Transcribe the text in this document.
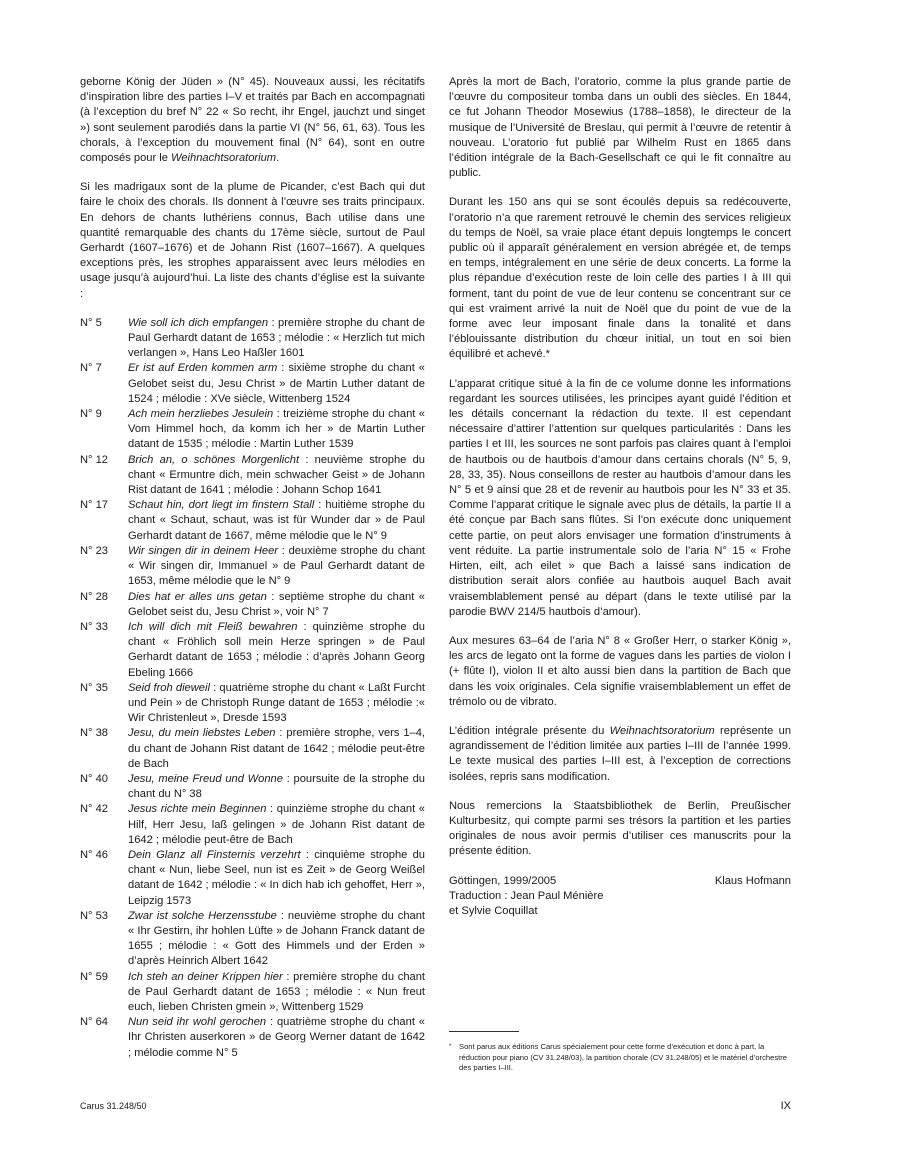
geborne König der Jüden » (N° 45). Nouveaux aussi, les récitatifs d’inspiration libre des parties I–V et traités par Bach en accompagnati (à l’exception du bref N° 22 « So recht, ihr Engel, jauchzt und singet ») sont seulement parodiés dans la partie VI (N° 56, 61, 63). Tous les chorals, à l’exception du mouvement final (N° 64), sont en outre composés pour le Weihnachtsoratorium.

Si les madrigaux sont de la plume de Picander, c’est Bach qui dut faire le choix des chorals. Ils donnent à l’œuvre ses traits principaux. En dehors de chants luthériens connus, Bach utilise dans une quantité remarquable des chants du 17ème siècle, surtout de Paul Gerhardt (1607–1676) et de Johann Rist (1607–1667). A quelques exceptions près, les strophes apparaissent avec leurs mélodies en usage jusqu’à aujourd’hui. La liste des chants d’église est la suivante :

N° 5	Wie soll ich dich empfangen : première strophe du chant de Paul Gerhardt datant de 1653 ; mélodie : « Herzlich tut mich verlangen », Hans Leo Haßler 1601
N° 7	Er ist auf Erden kommen arm : sixième strophe du chant « Gelobet seist du, Jesu Christ » de Martin Luther datant de 1524 ; mélodie : XVe siècle, Wittenberg 1524
N° 9	Ach mein herzliebes Jesulein : treizième strophe du chant « Vom Himmel hoch, da komm ich her » de Martin Luther datant de 1535 ; mélodie : Martin Luther 1539
N° 12	Brich an, o schönes Morgenlicht : neuvième strophe du chant « Ermuntre dich, mein schwacher Geist » de Johann Rist datant de 1641 ; mélodie : Johann Schop 1641
N° 17	Schaut hin, dort liegt im finstern Stall : huitième strophe du chant « Schaut, schaut, was ist für Wunder dar » de Paul Gerhardt datant de 1667, même mélodie que le N° 9
N° 23	Wir singen dir in deinem Heer : deuxième strophe du chant « Wir singen dir, Immanuel » de Paul Gerhardt datant de 1653, même mélodie que le N° 9
N° 28	Dies hat er alles uns getan : septième strophe du chant « Gelobet seist du, Jesu Christ », voir N° 7
N° 33	Ich will dich mit Fleiß bewahren : quinzième strophe du chant « Fröhlich soll mein Herze springen » de Paul Gerhardt datant de 1653 ; mélodie : d’après Johann Georg Ebeling 1666
N° 35	Seid froh dieweil : quatrième strophe du chant « Laßt Furcht und Pein » de Christoph Runge datant de 1653 ; mélodie :« Wir Christenleut », Dresde 1593
N° 38	Jesu, du mein liebstes Leben : première strophe, vers 1–4, du chant de Johann Rist datant de 1642 ; mélodie peut-être de Bach
N° 40	Jesu, meine Freud und Wonne : poursuite de la strophe du chant du N° 38
N° 42	Jesus richte mein Beginnen : quinzième strophe du chant « Hilf, Herr Jesu, laß gelingen » de Johann Rist datant de 1642 ; mélodie peut-être de Bach
N° 46	Dein Glanz all Finsternis verzehrt : cinquième strophe du chant « Nun, liebe Seel, nun ist es Zeit » de Georg Weißel datant de 1642 ; mélodie : « In dich hab ich gehoffet, Herr », Leipzig 1573
N° 53	Zwar ist solche Herzensstube : neuvième strophe du chant « Ihr Gestirn, ihr hohlen Lüfte » de Johann Franck datant de 1655 ; mélodie : « Gott des Himmels und der Erden » d’après Heinrich Albert 1642
N° 59	Ich steh an deiner Krippen hier : première strophe du chant de Paul Gerhardt datant de 1653 ; mélodie : « Nun freut euch, lieben Christen gmein », Wittenberg 1529
N° 64	Nun seid ihr wohl gerochen : quatrième strophe du chant « Ihr Christen auserkoren » de Georg Werner datant de 1642 ; mélodie comme N° 5

Après la mort de Bach, l’oratorio, comme la plus grande partie de l’œuvre du compositeur tomba dans un oubli des siècles. En 1844, ce fut Johann Theodor Mosewius (1788–1858), le directeur de la musique de l’Université de Breslau, qui permit à l’œuvre de retentir à nouveau. L’oratorio fut publié par Wilhelm Rust en 1865 dans l’édition intégrale de la Bach-Gesellschaft ce qui le fit connaître au public.

Durant les 150 ans qui se sont écoulés depuis sa redécouverte, l’oratorio n’a que rarement retrouvé le chemin des services religieux du temps de Noël, sa vraie place étant depuis longtemps le concert public où il apparaît généralement en version abrégée et, de temps en temps, intégralement en une série de deux concerts. La forme la plus répandue d’exécution reste de loin celle des parties I à III qui forment, tant du point de vue de leur contenu se concentrant sur ce qui est vraiment arrivé la nuit de Noël que du point de vue de la forme avec leur imposant finale dans la tonalité et dans l’éblouissante distribution du chœur initial, un tout en soi bien équilibré et achevé.*

L’apparat critique situé à la fin de ce volume donne les informations regardant les sources utilisées, les principes ayant guidé l’édition et les détails concernant la rédaction du texte. Il est cependant nécessaire d’attirer l’attention sur quelques particularités : Dans les parties I et III, les sources ne sont parfois pas claires quant à l’emploi de hautbois ou de hautbois d’amour dans certains chorals (N° 5, 9, 28, 33, 35). Nous conseillons de rester au hautbois d’amour dans les N° 5 et 9 ainsi que 28 et de revenir au hautbois pour les N° 33 et 35. Comme l’apparat critique le signale avec plus de détails, la partie II a été conçue par Bach sans flûtes. Si l’on exécute donc uniquement cette partie, on peut alors envisager une formation d’instruments à vent réduite. La partie instrumentale solo de l’aria N° 15 « Frohe Hirten, eilt, ach eilet » que Bach a laissé sans indication de distribution serait alors confiée au hautbois auquel Bach avait vraisemblablement pensé au départ (dans le texte utilisé par la parodie BWV 214/5 hautbois d’amour).

Aux mesures 63–64 de l’aria N° 8 « Großer Herr, o starker König », les arcs de legato ont la forme de vagues dans les parties de violon I (+ flûte I), violon II et alto aussi bien dans la partition de Bach que dans les voix originales. Cela signifie vraisemblablement un effet de trémolo ou de vibrato.

L’édition intégrale présente du Weihnachtsoratorium représente un agrandissement de l’édition limitée aux parties I–III de l’année 1999. Le texte musical des parties I–III est, à l’exception de corrections isolées, repris sans modification.

Nous remercions la Staatsbibliothek de Berlin, Preußischer Kulturbesitz, qui compte parmi ses trésors la partition et les parties originales de nous avoir permis d’utiliser ces manuscrits pour la présente édition.

Göttingen, 1999/2005	Klaus Hofmann
Traduction : Jean Paul Ménière
et Sylvie Coquillat
*	Sont parus aux éditions Carus spécialement pour cette forme d’exécution et donc à part, la réduction pour piano (CV 31.248/03), la partition chorale (CV 31.248/05) et le matériel d’orchestre des parties I–III.
Carus 31.248/50	IX
